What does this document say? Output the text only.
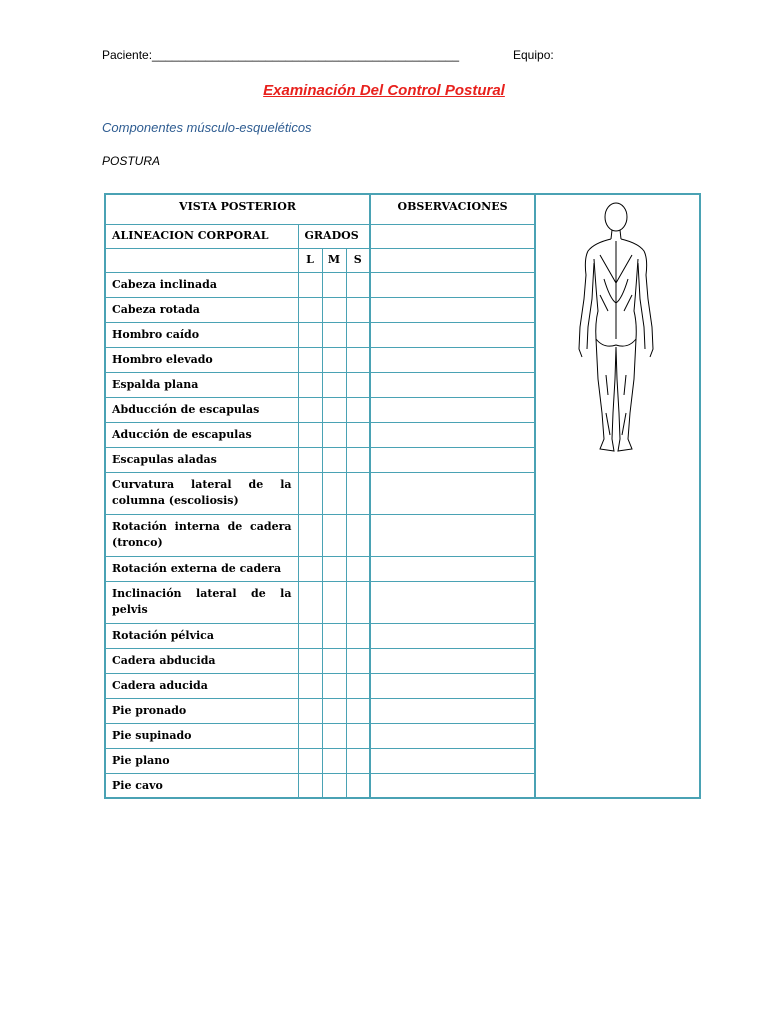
Paciente:______________________________________________	Equipo:
Examinación Del Control Postural
Componentes músculo-esqueléticos
POSTURA
VISTA POSTERIOR				OBSERVACIONES	

ALINEACION CORPORAL	GRADOS				
	L	M	S		
Cabeza inclinada					
Cabeza rotada					
Hombro caído					
Hombro elevado					
Espalda plana					
Abducción de escapulas					
Aducción de escapulas					
Escapulas aladas					
Curvatura lateral de la columna (escoliosis)					
Rotación interna de cadera (tronco)					
Rotación externa de cadera					
Inclinación lateral de la pelvis					
Rotación pélvica					
Cadera abducida					
Cadera aducida					
Pie pronado					
Pie supinado					
Pie plano					
Pie cavo					
